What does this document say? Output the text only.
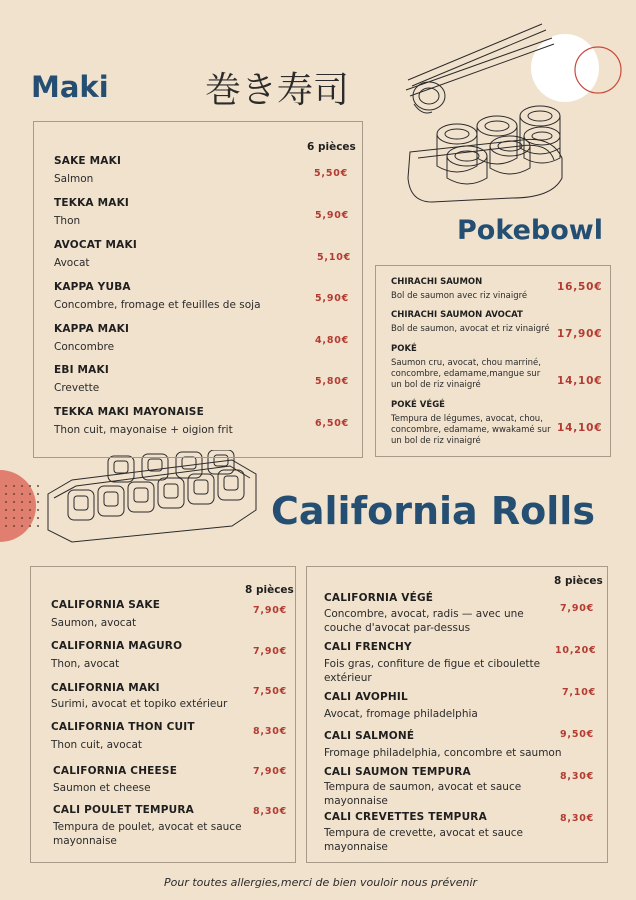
Maki	巻き寿司
6 pièces
SAKE MAKI
Salmon	5,50€
TEKKA MAKI
Thon	5,90€
AVOCAT MAKI
Avocat	5,10€
KAPPA YUBA
Concombre, fromage et feuilles de soja
5,90€
KAPPA MAKI
Concombre
4,80€
EBI MAKI
Crevette
5,80€
TEKKA MAKI MAYONAISE
Thon cuit, mayonaise + oigion frit
6,50€
Pokebowl
CHIRACHI SAUMON
Bol de saumon avec riz vinaigré
16,50€
CHIRACHI SAUMON AVOCAT
Bol de saumon, avocat et riz vinaigré 17,90€
POKÉ
Saumon cru, avocat, chou marriné, concombre, edamame,mangue sur un bol de riz vinaigré	14,10€
POKÉ VÉGÉ
Tempura de légumes, avocat, chou, concombre, edamame, wwakamé sur un bol de riz vinaigré
14,10€
California Rolls
8 pièces
CALIFORNIA SAKE
Saumon, avocat
7,90€
CALIFORNIA MAGURO
Thon, avocat
7,90€
CALIFORNIA MAKI
Surimi, avocat et topiko extérieur
7,50€
CALIFORNIA THON CUIT
Thon cuit, avocat
8,30€
CALIFORNIA CHEESE
Saumon et cheese
7,90€
CALI POULET TEMPURA
Tempura de poulet, avocat et sauce mayonnaise
8,30€
8 pièces
CALIFORNIA VÉGÉ
Concombre, avocat, radis — avec une couche d'avocat par-dessus
7,90€
CALI FRENCHY
Fois gras, confiture de figue et ciboulette extérieur
10,20€
CALI AVOPHIL
Avocat, fromage philadelphia
7,10€
CALI SALMONÉ
Fromage philadelphia, concombre et saumon
9,50€
CALI SAUMON TEMPURA
Tempura de saumon, avocat et sauce mayonnaise
8,30€
CALI CREVETTES TEMPURA
Tempura de crevette, avocat et sauce mayonnaise
8,30€
Pour toutes allergies,merci de bien vouloir nous prévenir
